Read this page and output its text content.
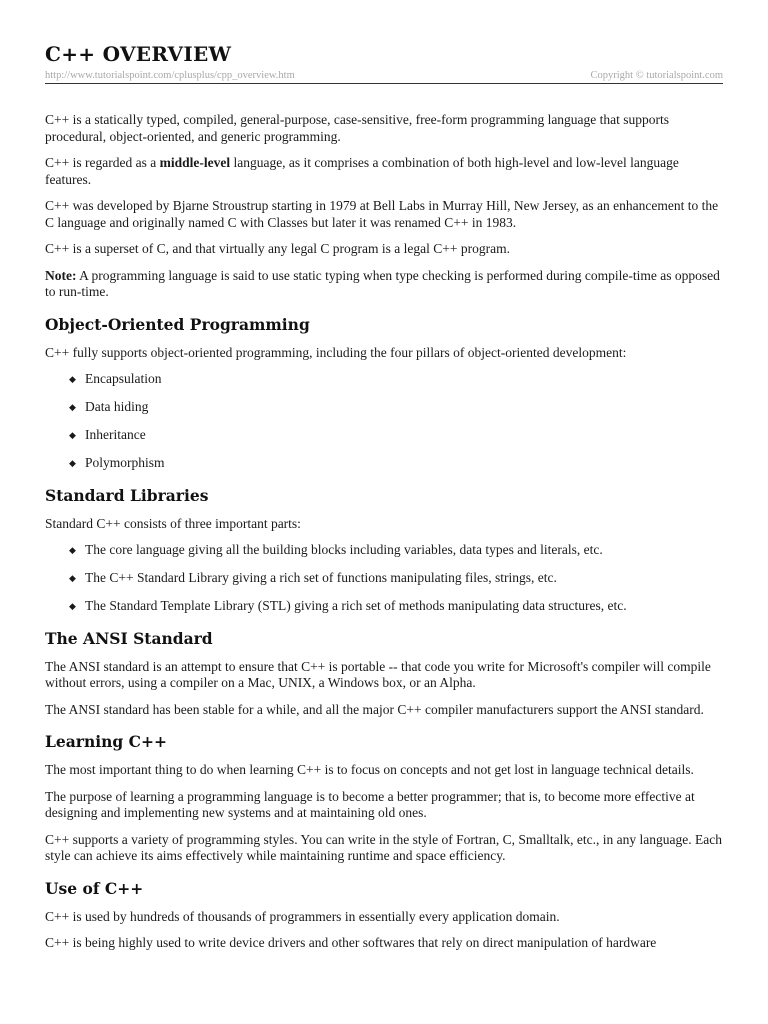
C++ OVERVIEW
http://www.tutorialspoint.com/cplusplus/cpp_overview.htm	Copyright © tutorialspoint.com

C++ is a statically typed, compiled, general-purpose, case-sensitive, free-form programming language that supports procedural, object-oriented, and generic programming.

C++ is regarded as a middle-level language, as it comprises a combination of both high-level and low-level language features.

C++ was developed by Bjarne Stroustrup starting in 1979 at Bell Labs in Murray Hill, New Jersey, as an enhancement to the C language and originally named C with Classes but later it was renamed C++ in 1983.

C++ is a superset of C, and that virtually any legal C program is a legal C++ program.

Note: A programming language is said to use static typing when type checking is performed during compile-time as opposed to run-time.

Object-Oriented Programming

C++ fully supports object-oriented programming, including the four pillars of object-oriented development:

◆ Encapsulation
◆ Data hiding
◆ Inheritance
◆ Polymorphism
Standard Libraries

Standard C++ consists of three important parts:

◆ The core language giving all the building blocks including variables, data types and literals, etc.
◆ The C++ Standard Library giving a rich set of functions manipulating files, strings, etc.
◆ The Standard Template Library (STL) giving a rich set of methods manipulating data structures, etc.
The ANSI Standard

The ANSI standard is an attempt to ensure that C++ is portable -- that code you write for Microsoft's compiler will compile without errors, using a compiler on a Mac, UNIX, a Windows box, or an Alpha.

The ANSI standard has been stable for a while, and all the major C++ compiler manufacturers support the ANSI standard.

Learning C++

The most important thing to do when learning C++ is to focus on concepts and not get lost in language technical details.

The purpose of learning a programming language is to become a better programmer; that is, to become more effective at designing and implementing new systems and at maintaining old ones.

C++ supports a variety of programming styles. You can write in the style of Fortran, C, Smalltalk, etc., in any language. Each style can achieve its aims effectively while maintaining runtime and space efficiency.

Use of C++

C++ is used by hundreds of thousands of programmers in essentially every application domain.

C++ is being highly used to write device drivers and other softwares that rely on direct manipulation of hardware
